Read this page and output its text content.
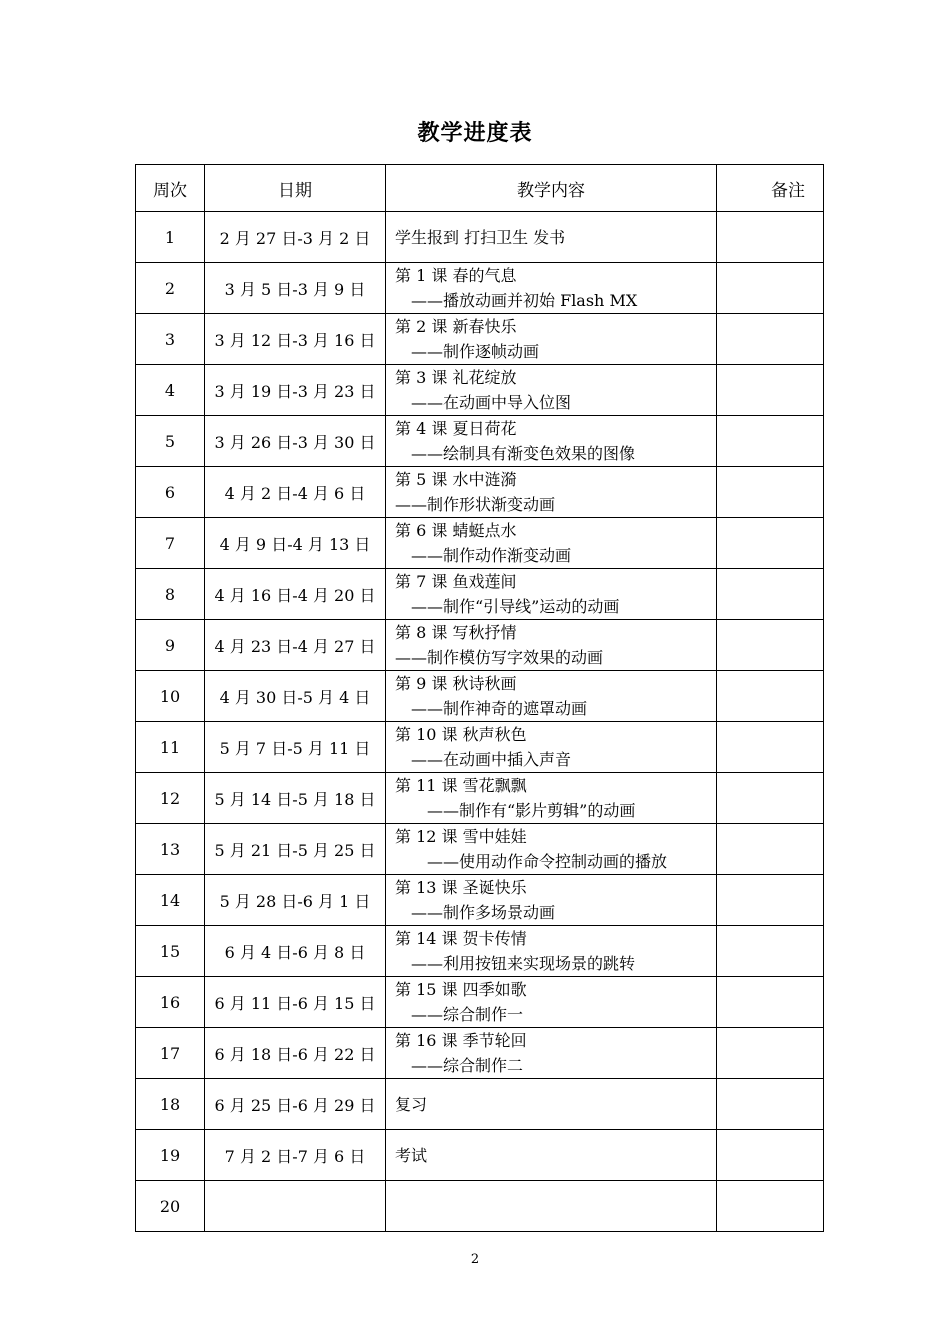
教学进度表
周次	日期	教学内容	备注
1	2 月 27 日-3 月 2 日	学生报到 打扫卫生 发书	

2	3 月 5 日-3 月 9 日	第 1 课 春的气息
——播放动画并初始 Flash MX	

3	3 月 12 日-3 月 16 日	第 2 课 新春快乐
——制作逐帧动画	

4	3 月 19 日-3 月 23 日	第 3 课 礼花绽放
——在动画中导入位图	

5	3 月 26 日-3 月 30 日	第 4 课 夏日荷花
——绘制具有渐变色效果的图像	

6	4 月 2 日-4 月 6 日	第 5 课 水中涟漪
——制作形状渐变动画	

7	4 月 9 日-4 月 13 日	第 6 课 蜻蜓点水
——制作动作渐变动画	

8	4 月 16 日-4 月 20 日	第 7 课 鱼戏莲间
——制作“引导线”运动的动画	

9	4 月 23 日-4 月 27 日	第 8 课 写秋抒情
——制作模仿写字效果的动画	

10	4 月 30 日-5 月 4 日	第 9 课 秋诗秋画
——制作神奇的遮罩动画	

11	5 月 7 日-5 月 11 日	第 10 课 秋声秋色
——在动画中插入声音	

12	5 月 14 日-5 月 18 日	第 11 课 雪花飘飘
——制作有“影片剪辑”的动画	

13	5 月 21 日-5 月 25 日	第 12 课 雪中娃娃
——使用动作命令控制动画的播放	

14	5 月 28 日-6 月 1 日	第 13 课 圣诞快乐
——制作多场景动画	

15	6 月 4 日-6 月 8 日	第 14 课 贺卡传情
——利用按钮来实现场景的跳转	

16	6 月 11 日-6 月 15 日	第 15 课 四季如歌
——综合制作一	

17	6 月 18 日-6 月 22 日	第 16 课 季节轮回
——综合制作二	

18	6 月 25 日-6 月 29 日	复习	

19	7 月 2 日-7 月 6 日	考试	

20		

2
